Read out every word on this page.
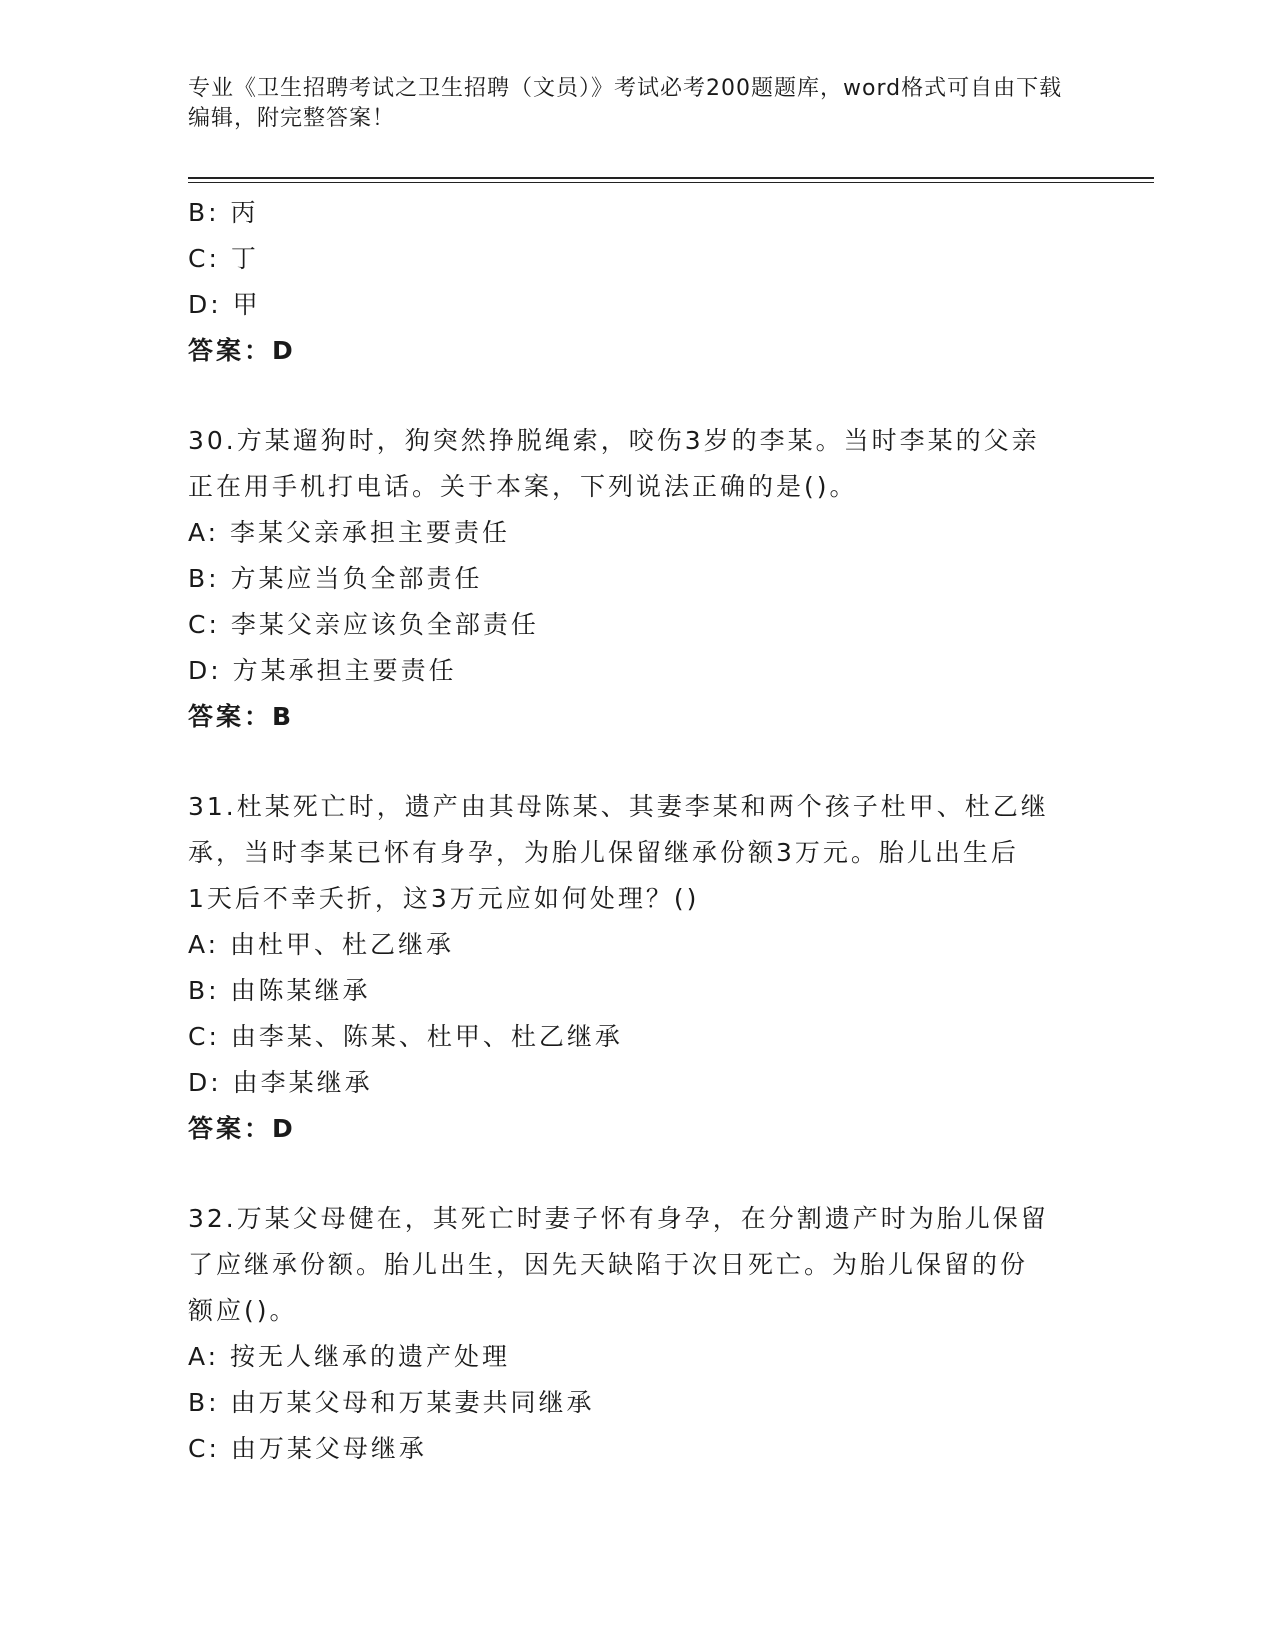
专业《卫生招聘考试之卫生招聘（文员）》考试必考200题题库，word格式可自由下载编辑，附完整答案！
B: 丙
C: 丁
D: 甲
答案：D
30.方某遛狗时，狗突然挣脱绳索，咬伤3岁的李某。当时李某的父亲
正在用手机打电话。关于本案，下列说法正确的是()。
A: 李某父亲承担主要责任
B: 方某应当负全部责任
C: 李某父亲应该负全部责任
D: 方某承担主要责任
答案：B
31.杜某死亡时，遗产由其母陈某、其妻李某和两个孩子杜甲、杜乙继
承，当时李某已怀有身孕，为胎儿保留继承份额3万元。胎儿出生后
1天后不幸夭折，这3万元应如何处理？()
A: 由杜甲、杜乙继承
B: 由陈某继承
C: 由李某、陈某、杜甲、杜乙继承
D: 由李某继承
答案：D
32.万某父母健在，其死亡时妻子怀有身孕，在分割遗产时为胎儿保留
了应继承份额。胎儿出生，因先天缺陷于次日死亡。为胎儿保留的份
额应()。
A: 按无人继承的遗产处理
B: 由万某父母和万某妻共同继承
C: 由万某父母继承
